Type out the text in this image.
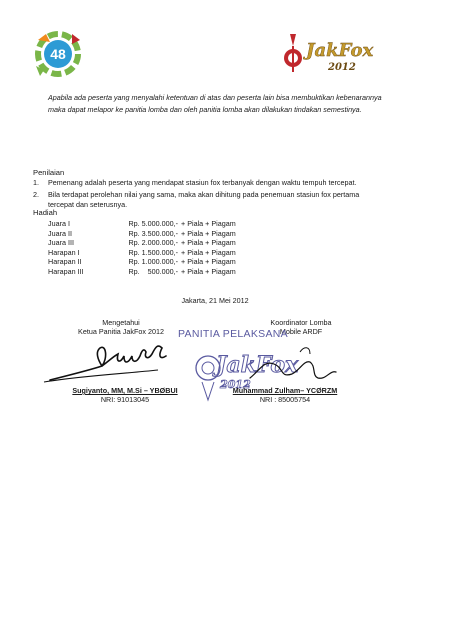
48	JakFox
2012
Apabila ada peserta yang menyalahi ketentuan di atas dan peserta lain bisa membuktikan kebenarannya maka dapat melapor ke panitia lomba dan oleh panitia lomba akan dilakukan tindakan semestinya.
Penilaian
1.	Pemenang adalah peserta yang mendapat stasiun fox terbanyak dengan waktu tempuh tercepat.
2.	Bila terdapat perolehan nilai yang sama, maka akan dihitung pada penemuan stasiun fox pertama tercepat dan seterusnya.
Hadiah
Juara I	Rp. 5.000.000,-	+ Piala + Piagam
Juara II	Rp. 3.500.000,-	+ Piala + Piagam
Juara III	Rp. 2.000.000,-	+ Piala + Piagam
Harapan I	Rp. 1.500.000,-	+ Piala + Piagam
Harapan II	Rp. 1.000.000,-	+ Piala + Piagam
Harapan III	Rp.    500.000,-	+ Piala + Piagam
Jakarta, 21 Mei 2012
Mengetahui
Ketua Panitia JakFox 2012
Koordinator Lomba
Mobile ARDF
PANITIA PELAKSANA
JakFox
2012
Sugiyanto, MM, M.Si – YBØBUI
NRI: 91013045
Muhammad Zulham– YCØRZM
NRI : 85005754
